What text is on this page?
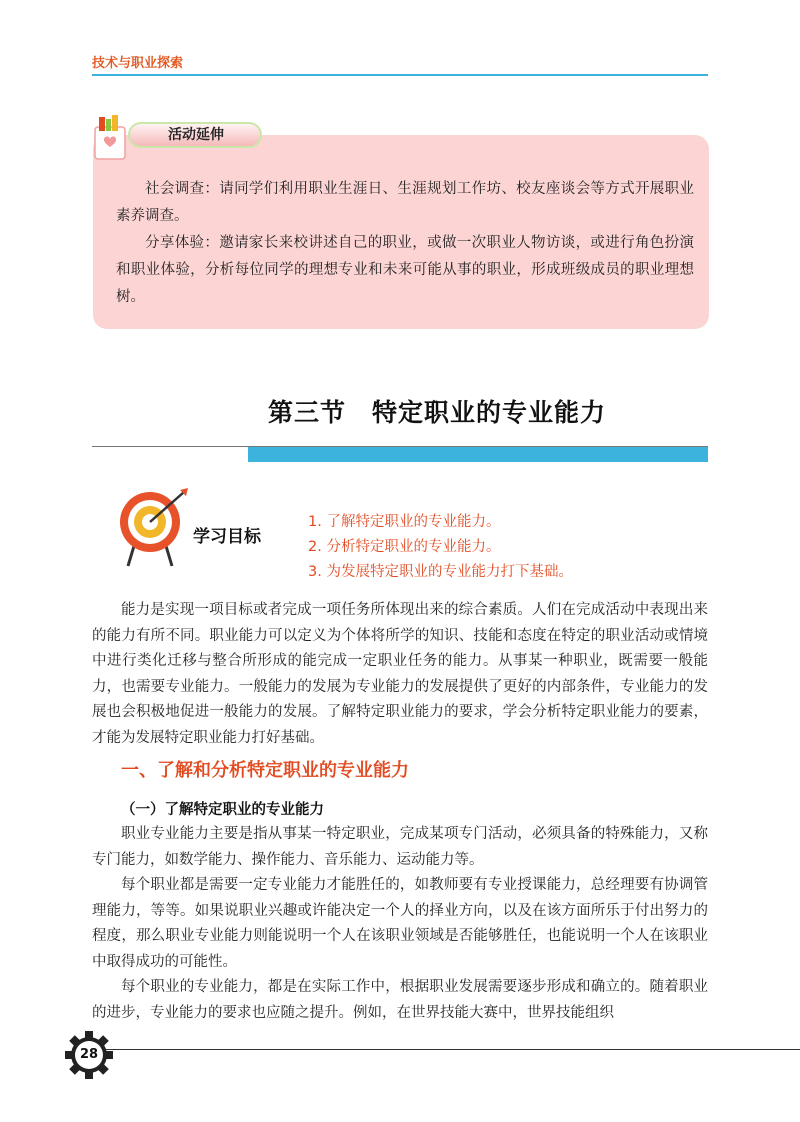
技术与职业探索
活动延伸

社会调查：请同学们利用职业生涯日、生涯规划工作坊、校友座谈会等方式开展职业素养调查。

分享体验：邀请家长来校讲述自己的职业，或做一次职业人物访谈，或进行角色扮演和职业体验，分析每位同学的理想专业和未来可能从事的职业，形成班级成员的职业理想树。

第三节　特定职业的专业能力
学习目标
1. 了解特定职业的专业能力。
2. 分析特定职业的专业能力。
3. 为发展特定职业的专业能力打下基础。

能力是实现一项目标或者完成一项任务所体现出来的综合素质。人们在完成活动中表现出来的能力有所不同。职业能力可以定义为个体将所学的知识、技能和态度在特定的职业活动或情境中进行类化迁移与整合所形成的能完成一定职业任务的能力。从事某一种职业，既需要一般能力，也需要专业能力。一般能力的发展为专业能力的发展提供了更好的内部条件，专业能力的发展也会积极地促进一般能力的发展。了解特定职业能力的要求，学会分析特定职业能力的要素，才能为发展特定职业能力打好基础。

一、了解和分析特定职业的专业能力
（一）了解特定职业的专业能力

职业专业能力主要是指从事某一特定职业，完成某项专门活动，必须具备的特殊能力，又称专门能力，如数学能力、操作能力、音乐能力、运动能力等。

每个职业都是需要一定专业能力才能胜任的，如教师要有专业授课能力，总经理要有协调管理能力，等等。如果说职业兴趣或许能决定一个人的择业方向，以及在该方面所乐于付出努力的程度，那么职业专业能力则能说明一个人在该职业领域是否能够胜任，也能说明一个人在该职业中取得成功的可能性。

每个职业的专业能力，都是在实际工作中，根据职业发展需要逐步形成和确立的。随着职业的进步，专业能力的要求也应随之提升。例如，在世界技能大赛中，世界技能组织

28
